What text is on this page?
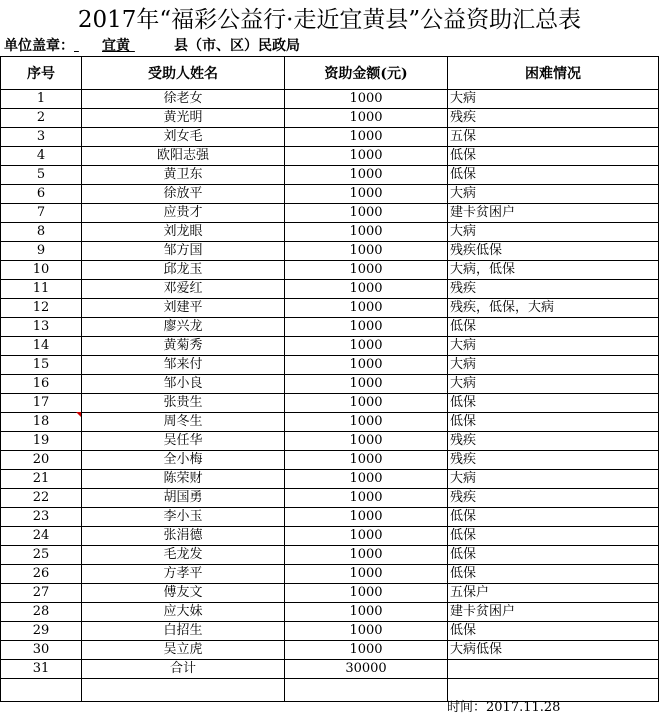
2017年“福彩公益行·走近宜黄县”公益资助汇总表
单位盖章： 宜黄	县（市、区）民政局
序号	受助人姓名	资助金额(元)	困难情况
1	徐老女	1000	大病
2	黄光明	1000	残疾
3	刘女毛	1000	五保
4	欧阳志强	1000	低保
5	黄卫东	1000	低保
6	徐放平	1000	大病
7	应贵才	1000	建卡贫困户
8	刘龙眼	1000	大病
9	邹方国	1000	残疾低保
10	邱龙玉	1000	大病，低保
11	邓爱红	1000	残疾
12	刘建平	1000	残疾，低保，大病
13	廖兴龙	1000	低保
14	黄菊秀	1000	大病
15	邹来付	1000	大病
16	邹小良	1000	大病
17	张贵生	1000	低保
18	周冬生	1000	低保
19	吴任华	1000	残疾
20	全小梅	1000	残疾
21	陈荣财	1000	大病
22	胡国勇	1000	残疾
23	李小玉	1000	低保
24	张涓德	1000	低保
25	毛龙发	1000	低保
26	方孝平	1000	低保
27	傅友文	1000	五保户
28	应大妹	1000	建卡贫困户
29	白招生	1000	低保
30	吴立虎	1000	大病低保
31	合计	30000	

时间：2017.11.28
